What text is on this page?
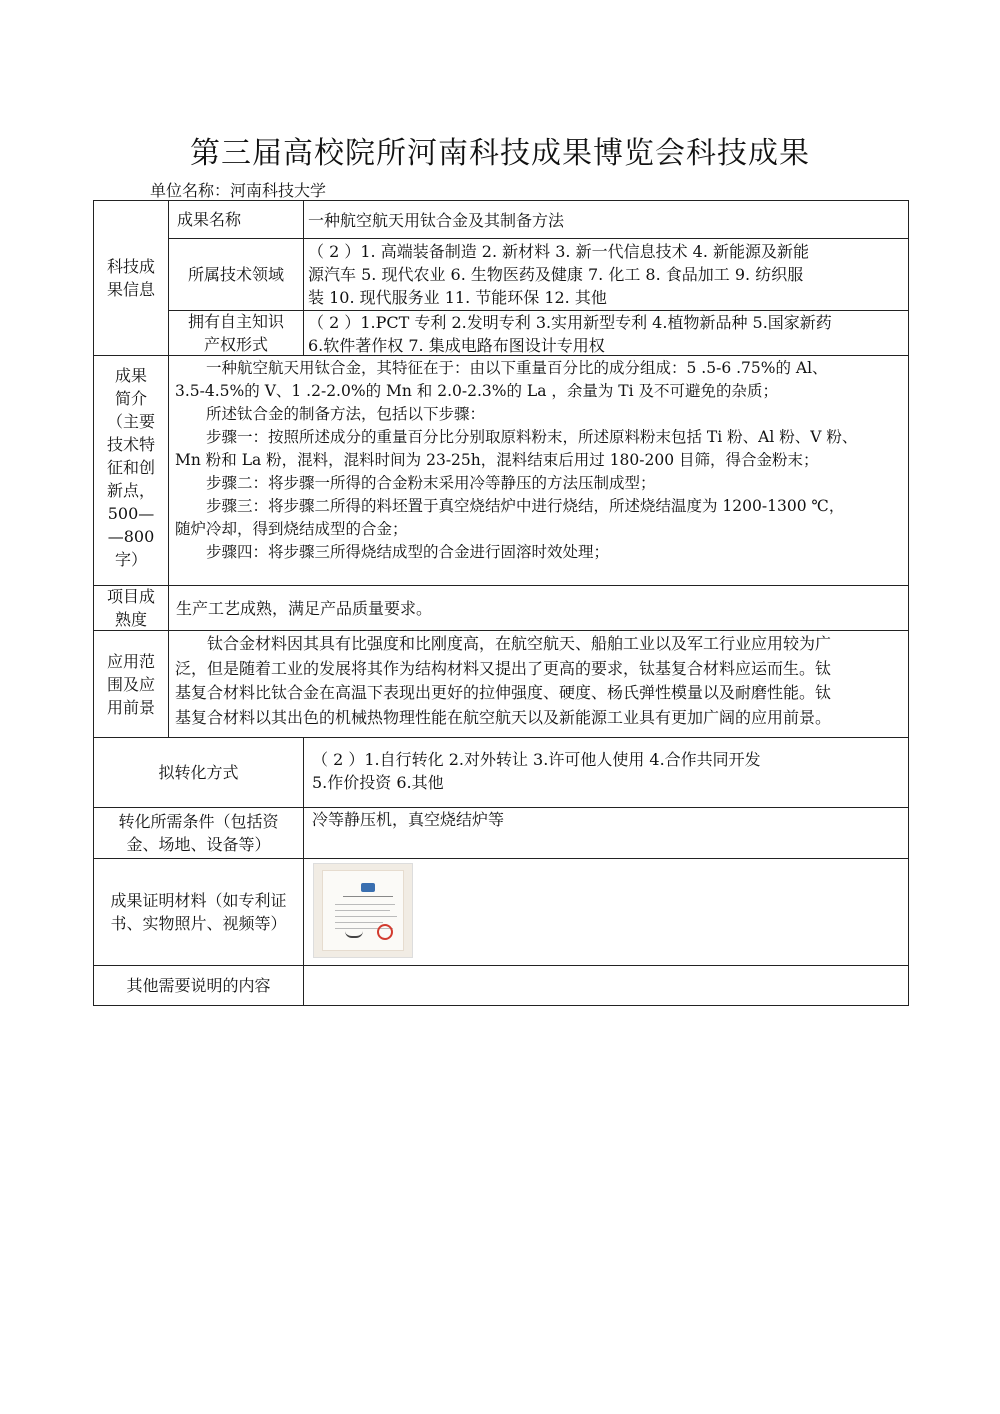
第三届高校院所河南科技成果博览会科技成果
单位名称：河南科技大学
科技成
果信息
成果名称	一种航空航天用钛合金及其制备方法
所属技术领域

（ 2 ）1. 高端装备制造 2. 新材料 3. 新一代信息技术 4. 新能源及新能

源汽车 5. 现代农业 6. 生物医药及健康 7. 化工 8. 食品加工 9. 纺织服

装 10. 现代服务业 11. 节能环保 12. 其他

拥有自主知识
产权形式

（ 2 ）1.PCT 专利 2.发明专利 3.实用新型专利 4.植物新品种 5.国家新药

6.软件著作权 7. 集成电路布图设计专用权

成果
简介
（主要
技术特
征和创
新点，
500—
—800
字）

一种航空航天用钛合金，其特征在于：由以下重量百分比的成分组成：5 .5-6 .75%的 Al、

3.5-4.5%的 V、1 .2-2.0%的 Mn 和 2.0-2.3%的 La ，余量为 Ti 及不可避免的杂质；

所述钛合金的制备方法，包括以下步骤：

步骤一：按照所述成分的重量百分比分别取原料粉末，所述原料粉末包括 Ti 粉、Al 粉、V 粉、

Mn 粉和 La 粉，混料，混料时间为 23-25h，混料结束后用过 180-200 目筛，得合金粉末；

步骤二：将步骤一所得的合金粉末采用冷等静压的方法压制成型；

步骤三：将步骤二所得的料坯置于真空烧结炉中进行烧结，所述烧结温度为 1200-1300 ℃，

随炉冷却，得到烧结成型的合金；

步骤四：将步骤三所得烧结成型的合金进行固溶时效处理；

项目成
熟度
生产工艺成熟，满足产品质量要求。
应用范
围及应
用前景

钛合金材料因其具有比强度和比刚度高，在航空航天、船舶工业以及军工行业应用较为广

泛，但是随着工业的发展将其作为结构材料又提出了更高的要求，钛基复合材料应运而生。钛

基复合材料比钛合金在高温下表现出更好的拉伸强度、硬度、杨氏弹性模量以及耐磨性能。钛

基复合材料以其出色的机械热物理性能在航空航天以及新能源工业具有更加广阔的应用前景。

拟转化方式

（ 2 ）1.自行转化 2.对外转让 3.许可他人使用 4.合作共同开发

5.作价投资 6.其他

转化所需条件（包括资
金、场地、设备等）
冷等静压机，真空烧结炉等
成果证明材料（如专利证
书、实物照片、视频等）
其他需要说明的内容
